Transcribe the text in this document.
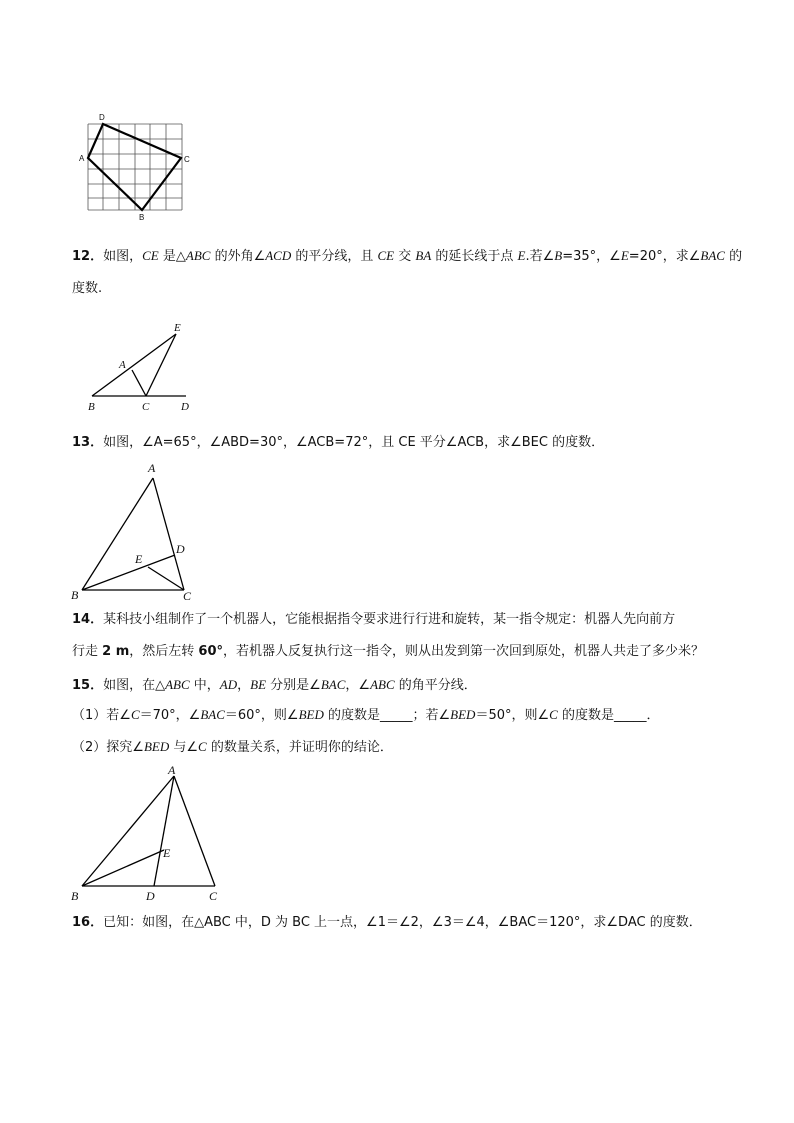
D
A	C
B
12．如图，CE 是△ABC 的外角∠ACD 的平分线，且 CE 交 BA 的延长线于点 E.若∠B=35°，∠E=20°，求∠BAC 的
度数.
E
A
B	C	D
13．如图，∠A=65°，∠ABD=30°，∠ACB=72°，且 CE 平分∠ACB，求∠BEC 的度数．
A
D
E
B	C
14．某科技小组制作了一个机器人，它能根据指令要求进行行进和旋转，某一指令规定：机器人先向前方
行走 2 m，然后左转 60°，若机器人反复执行这一指令，则从出发到第一次回到原处，机器人共走了多少米？
15．如图，在△ABC 中，AD，BE 分别是∠BAC，∠ABC 的角平分线．
（1）若∠C＝70°，∠BAC＝60°，则∠BED 的度数是_____；若∠BED＝50°，则∠C 的度数是_____．
（2）探究∠BED 与∠C 的数量关系，并证明你的结论．
A
E
B	D	C
16．已知：如图，在△ABC 中，D 为 BC 上一点，∠1＝∠2，∠3＝∠4，∠BAC＝120°，求∠DAC 的度数．
